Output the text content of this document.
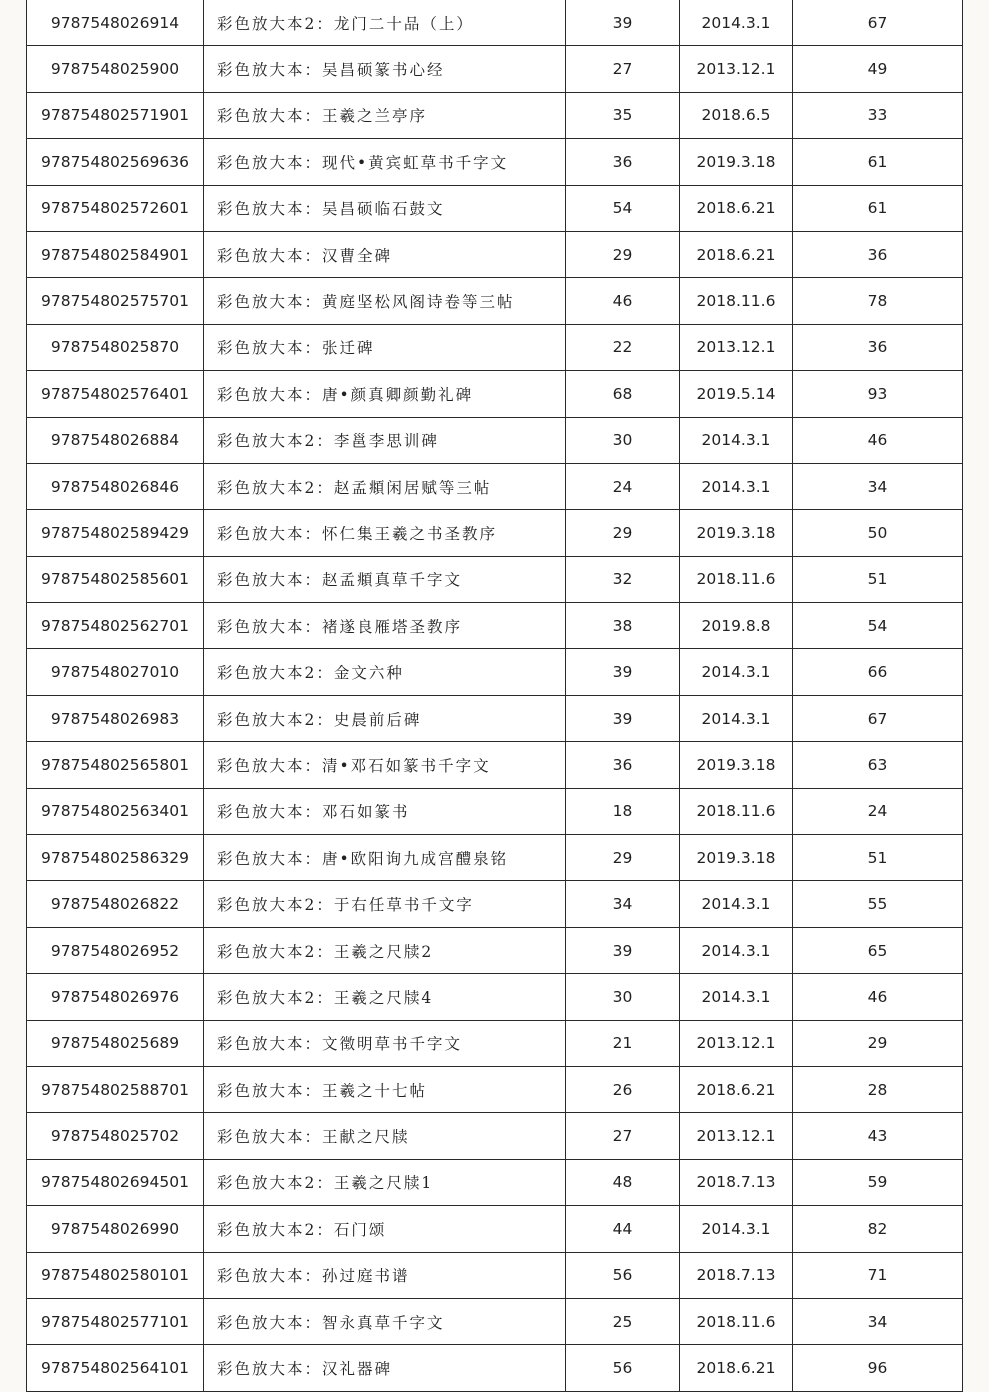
9787548026914	彩色放大本2：龙门二十品（上）	39	2014.3.1	67
9787548025900	彩色放大本：吴昌硕篆书心经	27	2013.12.1	49
978754802571901	彩色放大本：王羲之兰亭序	35	2018.6.5	33
978754802569636	彩色放大本：现代•黄宾虹草书千字文	36	2019.3.18	61
978754802572601	彩色放大本：吴昌硕临石鼓文	54	2018.6.21	61
978754802584901	彩色放大本：汉曹全碑	29	2018.6.21	36
978754802575701	彩色放大本：黄庭坚松风阁诗卷等三帖	46	2018.11.6	78
9787548025870	彩色放大本：张迁碑	22	2013.12.1	36
978754802576401	彩色放大本：唐•颜真卿颜勤礼碑	68	2019.5.14	93
9787548026884	彩色放大本2：李邕李思训碑	30	2014.3.1	46
9787548026846	彩色放大本2：赵孟頫闲居赋等三帖	24	2014.3.1	34
978754802589429	彩色放大本：怀仁集王羲之书圣教序	29	2019.3.18	50
978754802585601	彩色放大本：赵孟頫真草千字文	32	2018.11.6	51
978754802562701	彩色放大本：褚遂良雁塔圣教序	38	2019.8.8	54
9787548027010	彩色放大本2：金文六种	39	2014.3.1	66
9787548026983	彩色放大本2：史晨前后碑	39	2014.3.1	67
978754802565801	彩色放大本：清•邓石如篆书千字文	36	2019.3.18	63
978754802563401	彩色放大本：邓石如篆书	18	2018.11.6	24
978754802586329	彩色放大本：唐•欧阳询九成宫醴泉铭	29	2019.3.18	51
9787548026822	彩色放大本2：于右任草书千文字	34	2014.3.1	55
9787548026952	彩色放大本2：王羲之尺牍2	39	2014.3.1	65
9787548026976	彩色放大本2：王羲之尺牍4	30	2014.3.1	46
9787548025689	彩色放大本：文徵明草书千字文	21	2013.12.1	29
978754802588701	彩色放大本：王羲之十七帖	26	2018.6.21	28
9787548025702	彩色放大本：王献之尺牍	27	2013.12.1	43
978754802694501	彩色放大本2：王羲之尺牍1	48	2018.7.13	59
9787548026990	彩色放大本2：石门颂	44	2014.3.1	82
978754802580101	彩色放大本：孙过庭书谱	56	2018.7.13	71
978754802577101	彩色放大本：智永真草千字文	25	2018.11.6	34
978754802564101	彩色放大本：汉礼器碑	56	2018.6.21	96
